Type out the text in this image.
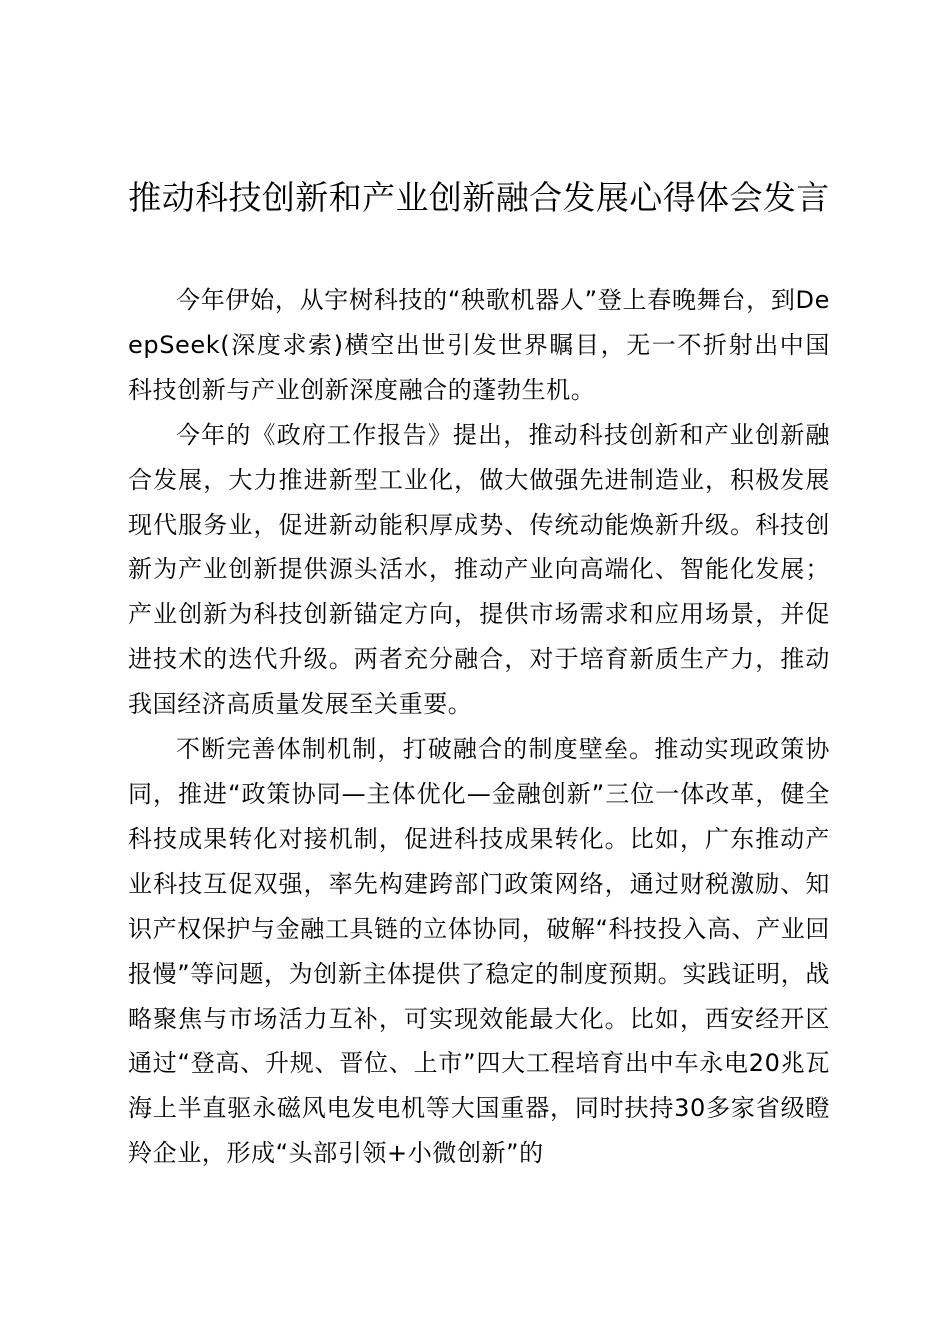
推动科技创新和产业创新融合发展心得体会发言

今年伊始，从宇树科技的“秧歌机器人”登上春晚舞台，到DeepSeek(深度求索)横空出世引发世界瞩目，无一不折射出中国科技创新与产业创新深度融合的蓬勃生机。

今年的《政府工作报告》提出，推动科技创新和产业创新融合发展，大力推进新型工业化，做大做强先进制造业，积极发展现代服务业，促进新动能积厚成势、传统动能焕新升级。科技创新为产业创新提供源头活水，推动产业向高端化、智能化发展；产业创新为科技创新锚定方向，提供市场需求和应用场景，并促进技术的迭代升级。两者充分融合，对于培育新质生产力，推动我国经济高质量发展至关重要。

不断完善体制机制，打破融合的制度壁垒。推动实现政策协同，推进“政策协同—主体优化—金融创新”三位一体改革，健全科技成果转化对接机制，促进科技成果转化。比如，广东推动产业科技互促双强，率先构建跨部门政策网络，通过财税激励、知识产权保护与金融工具链的立体协同，破解“科技投入高、产业回报慢”等问题，为创新主体提供了稳定的制度预期。实践证明，战略聚焦与市场活力互补，可实现效能最大化。比如，西安经开区通过“登高、升规、晋位、上市”四大工程培育出中车永电20兆瓦海上半直驱永磁风电发电机等大国重器，同时扶持30多家省级瞪羚企业，形成“头部引领+小微创新”的
